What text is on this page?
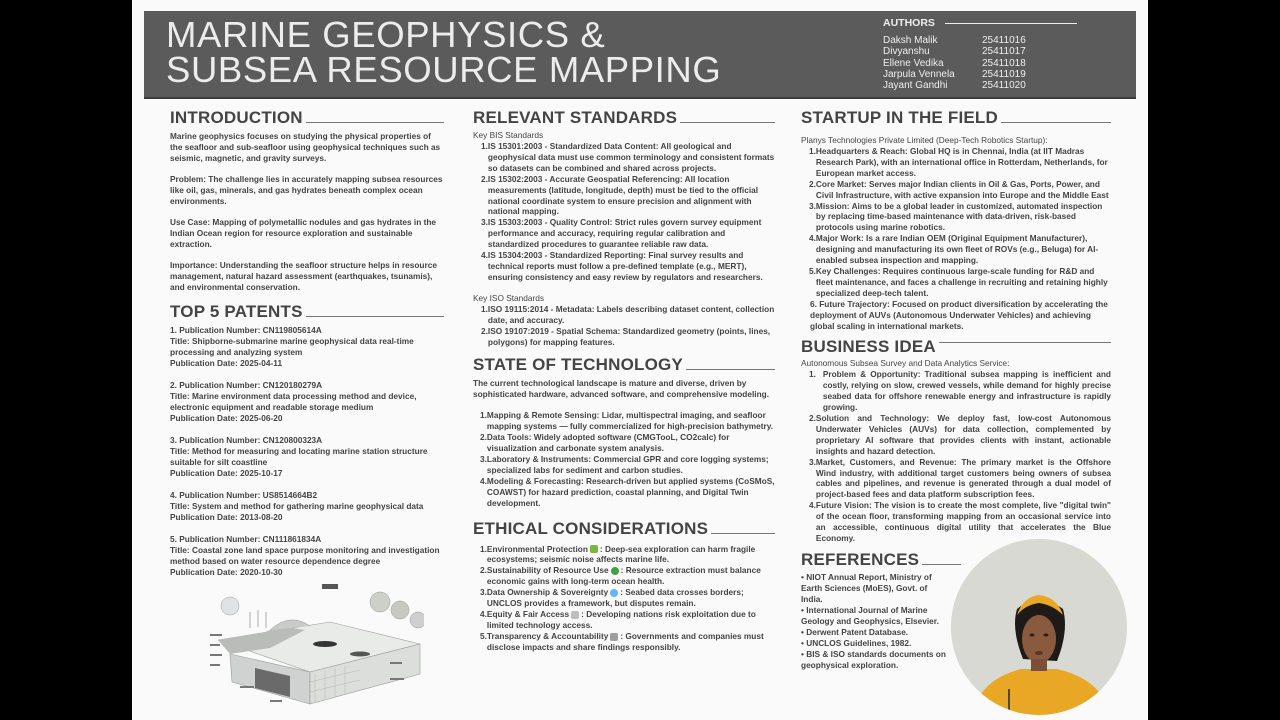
MARINE GEOPHYSICS &
SUBSEA RESOURCE MAPPING
AUTHORS
Daksh Malik	25411016
Divyanshu	25411017
Ellene Vedika	25411018
Jarpula Vennela	25411019
Jayant Gandhi	25411020
INTRODUCTION

Marine geophysics focuses on studying the physical properties of the seafloor and sub-seafloor using geophysical techniques such as seismic, magnetic, and gravity surveys.

Problem: The challenge lies in accurately mapping subsea resources like oil, gas, minerals, and gas hydrates beneath complex ocean environments.

Use Case: Mapping of polymetallic nodules and gas hydrates in the Indian Ocean region for resource exploration and sustainable extraction.

Importance: Understanding the seafloor structure helps in resource management, natural hazard assessment (earthquakes, tsunamis), and environmental conservation.

TOP 5 PATENTS
1. Publication Number: CN119805614A
Title: Shipborne-submarine marine geophysical data real-time processing and analyzing system
Publication Date: 2025-04-11
2. Publication Number: CN120180279A
Title: Marine environment data processing method and device, electronic equipment and readable storage medium
Publication Date: 2025-06-20
3. Publication Number: CN120800323A
Title: Method for measuring and locating marine station structure suitable for silt coastline
Publication Date: 2025-10-17
4. Publication Number: US8514664B2
Title: System and method for gathering marine geophysical data
Publication Date: 2013-08-20
5. Publication Number: CN111861834A
Title: Coastal zone land space purpose monitoring and investigation method based on water resource dependence degree
Publication Date: 2020-10-30
RELEVANT STANDARDS
Key BIS Standards
1. IS 15301:2003 - Standardized Data Content: All geological and geophysical data must use common terminology and consistent formats so datasets can be combined and shared across projects.
2. IS 15302:2003 - Accurate Geospatial Referencing: All location measurements (latitude, longitude, depth) must be tied to the official national coordinate system to ensure precision and alignment with national mapping.
3. IS 15303:2003 - Quality Control: Strict rules govern survey equipment performance and accuracy, requiring regular calibration and standardized procedures to guarantee reliable raw data.
4. IS 15304:2003 - Standardized Reporting: Final survey results and technical reports must follow a pre-defined template (e.g., MERT), ensuring consistency and easy review by regulators and researchers.
Key ISO Standards
1. ISO 19115:2014 - Metadata: Labels describing dataset content, collection date, and accuracy.
2. ISO 19107:2019 - Spatial Schema: Standardized geometry (points, lines, polygons) for mapping features.
STATE OF TECHNOLOGY

The current technological landscape is mature and diverse, driven by sophisticated hardware, advanced software, and comprehensive modeling.

1. Mapping & Remote Sensing: Lidar, multispectral imaging, and seafloor mapping systems — fully commercialized for high-precision bathymetry.
2. Data Tools: Widely adopted software (CMGTooL, CO2calc) for visualization and carbonate system analysis.
3. Laboratory & Instruments: Commercial GPR and core logging systems; specialized labs for sediment and carbon studies.
4. Modeling & Forecasting: Research-driven but applied systems (CoSMoS, COAWST) for hazard prediction, coastal planning, and Digital Twin development.
ETHICAL CONSIDERATIONS
1. Environmental Protection : Deep-sea exploration can harm fragile ecosystems; seismic noise affects marine life.
2. Sustainability of Resource Use : Resource extraction must balance economic gains with long-term ocean health.
3. Data Ownership & Sovereignty : Seabed data crosses borders; UNCLOS provides a framework, but disputes remain.
4. Equity & Fair Access : Developing nations risk exploitation due to limited technology access.
5. Transparency & Accountability : Governments and companies must disclose impacts and share findings responsibly.
STARTUP IN THE FIELD
Planys Technologies Private Limited (Deep-Tech Robotics Startup):
1. Headquarters & Reach: Global HQ is in Chennai, India (at IIT Madras Research Park), with an international office in Rotterdam, Netherlands, for European market access.
2. Core Market: Serves major Indian clients in Oil & Gas, Ports, Power, and Civil Infrastructure, with active expansion into Europe and the Middle East
3. Mission: Aims to be a global leader in customized, automated inspection by replacing time-based maintenance with data-driven, risk-based protocols using marine robotics.
4. Major Work: Is a rare Indian OEM (Original Equipment Manufacturer), designing and manufacturing its own fleet of ROVs (e.g., Beluga) for AI-enabled subsea inspection and mapping.
5. Key Challenges: Requires continuous large-scale funding for R&D and fleet maintenance, and faces a challenge in recruiting and retaining highly specialized deep-tech talent.
6. Future Trajectory: Focused on product diversification by accelerating the deployment of AUVs (Autonomous Underwater Vehicles) and achieving global scaling in international markets.
BUSINESS IDEA
Autonomous Subsea Survey and Data Analytics Service:
1. Problem & Opportunity: Traditional subsea mapping is inefficient and costly, relying on slow, crewed vessels, while demand for highly precise seabed data for offshore renewable energy and infrastructure is rapidly growing.
2. Solution and Technology: We deploy fast, low-cost Autonomous Underwater Vehicles (AUVs) for data collection, complemented by proprietary AI software that provides clients with instant, actionable insights and hazard detection.
3. Market, Customers, and Revenue: The primary market is the Offshore Wind industry, with additional target customers being owners of subsea cables and pipelines, and revenue is generated through a dual model of project-based fees and data platform subscription fees.
4. Future Vision: The vision is to create the most complete, live "digital twin" of the ocean floor, transforming mapping from an occasional service into an accessible, continuous digital utility that accelerates the Blue Economy.
REFERENCES
• NIOT Annual Report, Ministry of Earth Sciences (MoES), Govt. of India.
• International Journal of Marine Geology and Geophysics, Elsevier.
• Derwent Patent Database.
• UNCLOS Guidelines, 1982.
• BIS & ISO standards documents on geophysical exploration.
